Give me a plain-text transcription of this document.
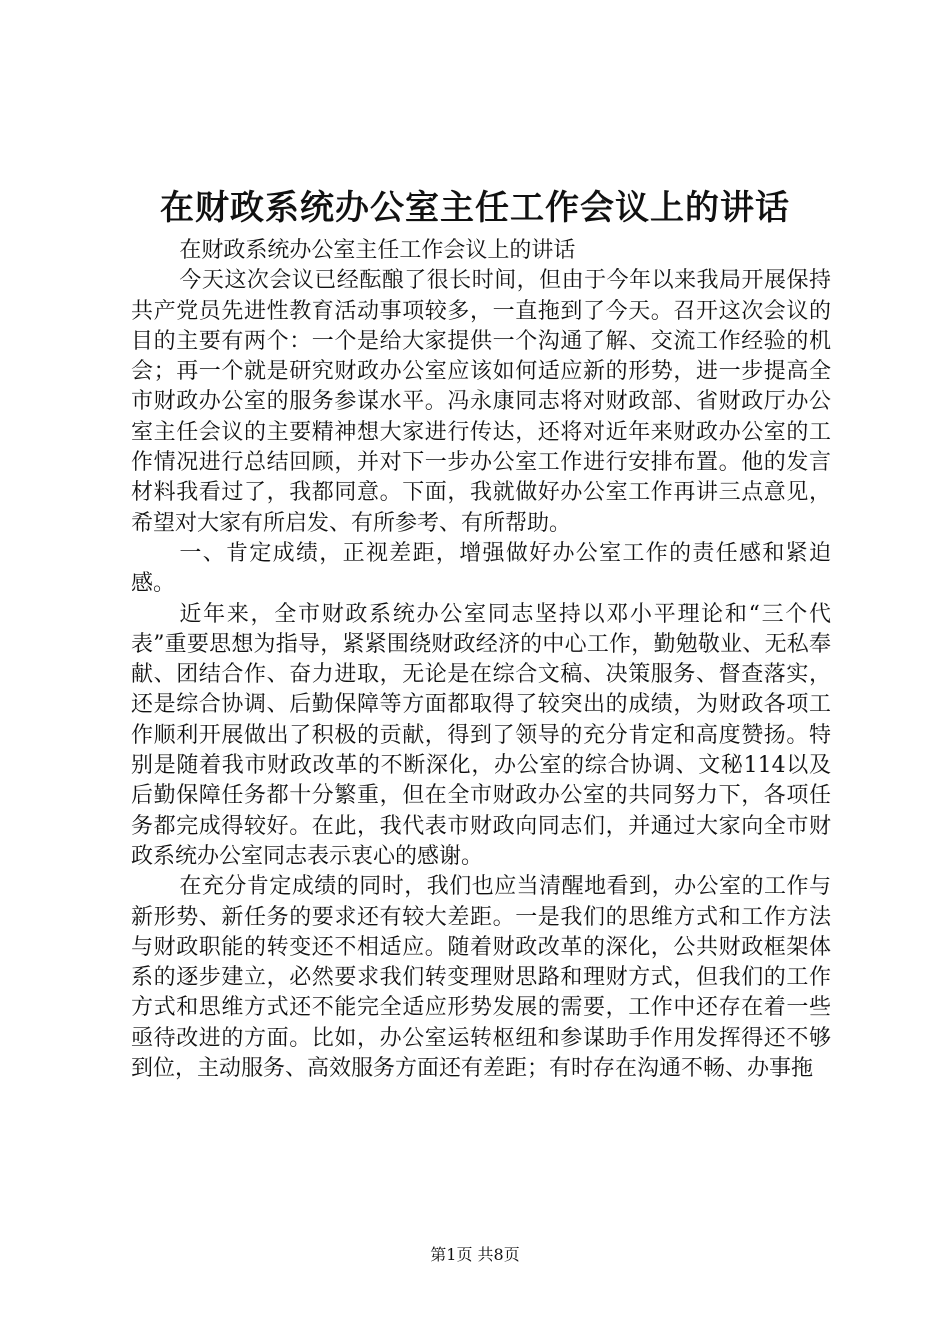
在财政系统办公室主任工作会议上的讲话

在财政系统办公室主任工作会议上的讲话

今天这次会议已经酝酿了很长时间，但由于今年以来我局开展保持共产党员先进性教育活动事项较多，一直拖到了今天。召开这次会议的目的主要有两个：一个是给大家提供一个沟通了解、交流工作经验的机会；再一个就是研究财政办公室应该如何适应新的形势，进一步提高全市财政办公室的服务参谋水平。冯永康同志将对财政部、省财政厅办公室主任会议的主要精神想大家进行传达，还将对近年来财政办公室的工作情况进行总结回顾，并对下一步办公室工作进行安排布置。他的发言材料我看过了，我都同意。下面，我就做好办公室工作再讲三点意见，希望对大家有所启发、有所参考、有所帮助。

一、肯定成绩，正视差距，增强做好办公室工作的责任感和紧迫感。

近年来，全市财政系统办公室同志坚持以邓小平理论和“三个代表”重要思想为指导，紧紧围绕财政经济的中心工作，勤勉敬业、无私奉献、团结合作、奋力进取，无论是在综合文稿、决策服务、督查落实，还是综合协调、后勤保障等方面都取得了较突出的成绩，为财政各项工作顺利开展做出了积极的贡献，得到了领导的充分肯定和高度赞扬。特别是随着我市财政改革的不断深化，办公室的综合协调、文秘114以及后勤保障任务都十分繁重，但在全市财政办公室的共同努力下，各项任务都完成得较好。在此，我代表市财政向同志们，并通过大家向全市财政系统办公室同志表示衷心的感谢。

在充分肯定成绩的同时，我们也应当清醒地看到，办公室的工作与新形势、新任务的要求还有较大差距。一是我们的思维方式和工作方法与财政职能的转变还不相适应。随着财政改革的深化，公共财政框架体系的逐步建立，必然要求我们转变理财思路和理财方式，但我们的工作方式和思维方式还不能完全适应形势发展的需要，工作中还存在着一些亟待改进的方面。比如，办公室运转枢纽和参谋助手作用发挥得还不够到位，主动服务、高效服务方面还有差距；有时存在沟通不畅、办事拖

第1页 共8页
